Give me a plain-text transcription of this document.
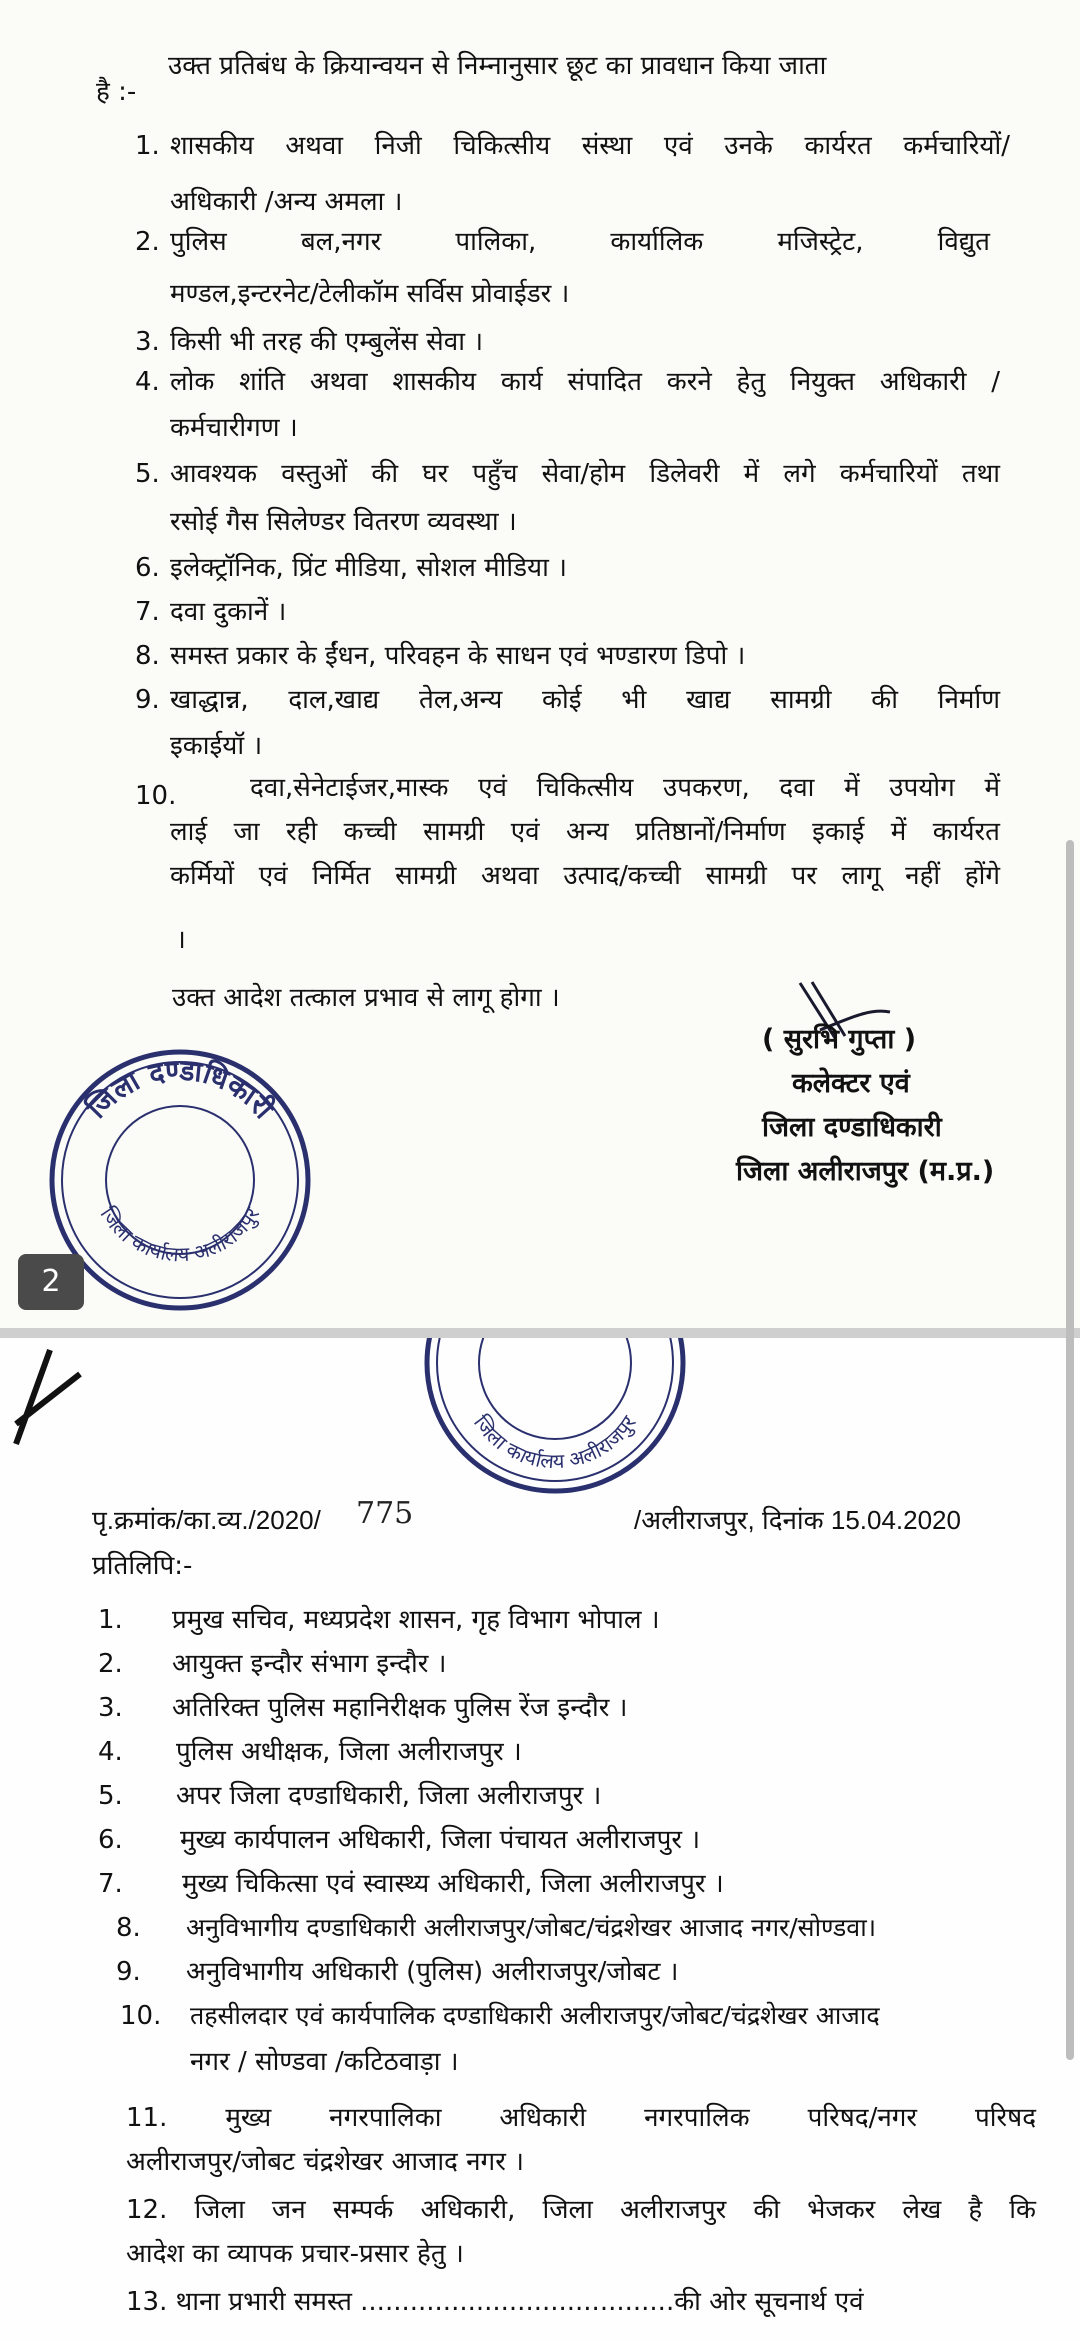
उक्त प्रतिबंध के क्रियान्वयन से निम्नानुसार छूट का प्रावधान किया जाता
है :-
1. शासकीय अथवा निजी चिकित्सीय संस्था एवं उनके कार्यरत कर्मचारियों/
अधिकारी /अन्य अमला ।
2. पुलिस बल,नगर पालिका, कार्यालिक मजिस्ट्रेट, विद्युत
मण्डल,इन्टरनेट/टेलीकॉम सर्विस प्रोवाईडर ।
3. किसी भी तरह की एम्बुलेंस सेवा ।
4. लोक शांति अथवा शासकीय कार्य संपादित करने हेतु नियुक्त अधिकारी /
कर्मचारीगण ।
5. आवश्यक वस्तुओं की घर पहुँच सेवा/होम डिलेवरी में लगे कर्मचारियों तथा
रसोई गैस सिलेण्डर वितरण व्यवस्था ।
6. इलेक्ट्रॉनिक, प्रिंट मीडिया, सोशल मीडिया ।
7. दवा दुकानें ।
8. समस्त प्रकार के ईंधन, परिवहन के साधन एवं भण्डारण डिपो ।
9. खाद्धान्न, दाल,खाद्य तेल,अन्य कोई भी खाद्य सामग्री की निर्माण
इकाईयॉ ।
10.	दवा,सेनेटाईजर,मास्क एवं चिकित्सीय उपकरण, दवा में उपयोग में
लाई जा रही कच्ची सामग्री एवं अन्य प्रतिष्ठानों/निर्माण इकाई में कार्यरत
कर्मियों एवं निर्मित सामग्री अथवा उत्पाद/कच्ची सामग्री पर लागू नहीं होंगे
।
उक्त आदेश तत्काल प्रभाव से लागू होगा ।
( सुरभि गुप्ता )
कलेक्टर एवं
जिला दण्डाधिकारी
जिला अलीराजपुर (म.प्र.)
जिला दण्डाधिकारी
जिला कार्यालय अलीराजपुर
2
जिला कार्यालय अलीराजपुर
पृ.क्रमांक/का.व्य./2020/ 775	/अलीराजपुर, दिनांक 15.04.2020
प्रतिलिपि:-
1. प्रमुख सचिव, मध्यप्रदेश शासन, गृह विभाग भोपाल ।
2. आयुक्त इन्दौर संभाग इन्दौर ।
3. अतिरिक्त पुलिस महानिरीक्षक पुलिस रेंज इन्दौर ।
4. पुलिस अधीक्षक, जिला अलीराजपुर ।
5. अपर जिला दण्डाधिकारी, जिला अलीराजपुर ।
6. मुख्य कार्यपालन अधिकारी, जिला पंचायत अलीराजपुर ।
7. मुख्य चिकित्सा एवं स्वास्थ्य अधिकारी, जिला अलीराजपुर ।
8. अनुविभागीय दण्डाधिकारी अलीराजपुर/जोबट/चंद्रशेखर आजाद नगर/सोण्डवा।
9. अनुविभागीय अधिकारी (पुलिस) अलीराजपुर/जोबट ।
10. तहसीलदार एवं कार्यपालिक दण्डाधिकारी अलीराजपुर/जोबट/चंद्रशेखर आजाद
नगर / सोण्डवा /कटिठवाड़ा ।
11. मुख्य नगरपालिका अधिकारी नगरपालिक परिषद/नगर परिषद
अलीराजपुर/जोबट चंद्रशेखर आजाद नगर ।
12. जिला जन सम्पर्क अधिकारी, जिला अलीराजपुर की भेजकर लेख है कि
आदेश का व्यापक प्रचार-प्रसार हेतु ।
13. थाना प्रभारी समस्त ......................................की ओर सूचनार्थ एवं
